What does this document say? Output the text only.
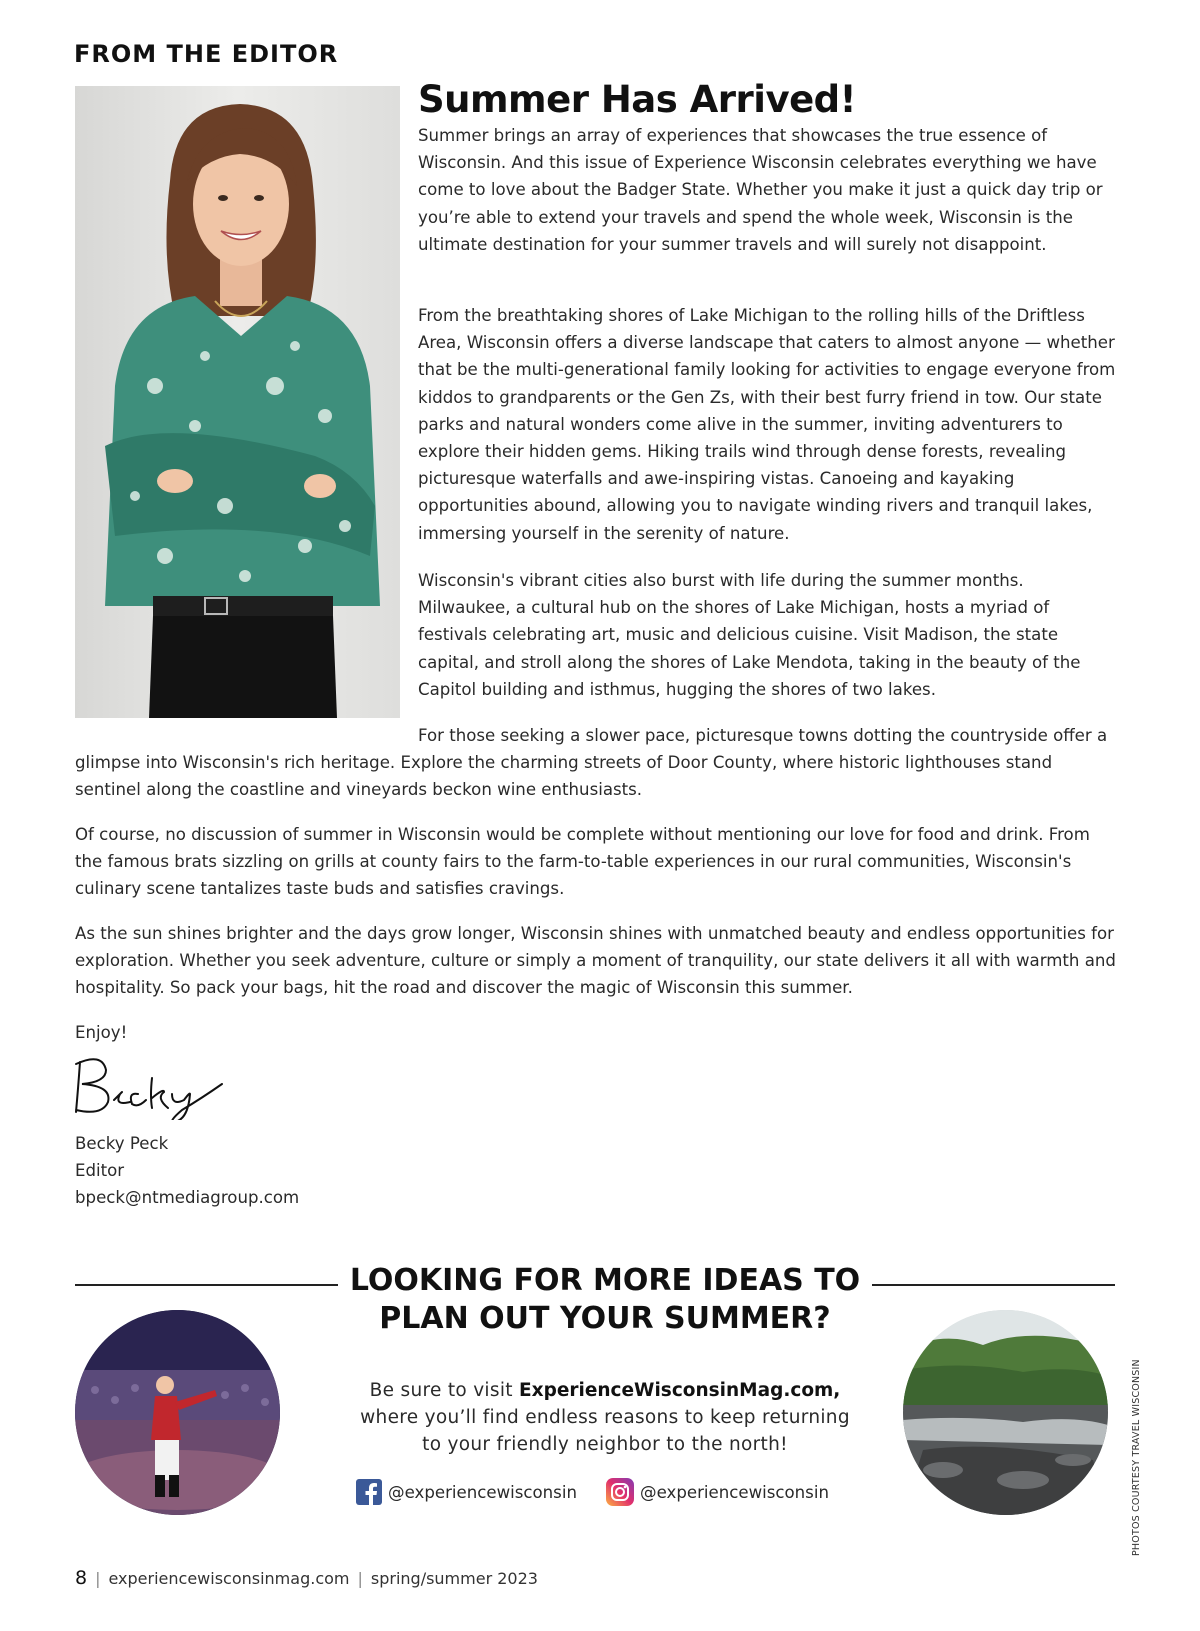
FROM THE EDITOR
Summer Has Arrived!

Summer brings an array of experiences that showcases the true essence of Wisconsin. And this issue of Experience Wisconsin celebrates everything we have come to love about the Badger State. Whether you make it just a quick day trip or you’re able to extend your travels and spend the whole week, Wisconsin is the ultimate destination for your summer travels and will surely not disappoint.

From the breathtaking shores of Lake Michigan to the rolling hills of the Driftless Area, Wisconsin offers a diverse landscape that caters to almost anyone — whether that be the multi-generational family looking for activities to engage everyone from kiddos to grandparents or the Gen Zs, with their best furry friend in tow. Our state parks and natural wonders come alive in the summer, inviting adventurers to explore their hidden gems. Hiking trails wind through dense forests, revealing picturesque waterfalls and awe-inspiring vistas. Canoeing and kayaking opportunities abound, allowing you to navigate winding rivers and tranquil lakes, immersing yourself in the serenity of nature.

Wisconsin's vibrant cities also burst with life during the summer months. Milwaukee, a cultural hub on the shores of Lake Michigan, hosts a myriad of festivals celebrating art, music and delicious cuisine. Visit Madison, the state capital, and stroll along the shores of Lake Mendota, taking in the beauty of the Capitol building and isthmus, hugging the shores of two lakes.

For those seeking a slower pace, picturesque towns dotting the countryside offer a glimpse into Wisconsin's rich heritage. Explore the charming streets of Door County, where historic lighthouses stand sentinel along the coastline and vineyards beckon wine enthusiasts.

Of course, no discussion of summer in Wisconsin would be complete without mentioning our love for food and drink. From the famous brats sizzling on grills at county fairs to the farm-to-table experiences in our rural communities, Wisconsin's culinary scene tantalizes taste buds and satisfies cravings.

As the sun shines brighter and the days grow longer, Wisconsin shines with unmatched beauty and endless opportunities for exploration. Whether you seek adventure, culture or simply a moment of tranquility, our state delivers it all with warmth and hospitality. So pack your bags, hit the road and discover the magic of Wisconsin this summer.

Enjoy!

Becky Peck
Editor
bpeck@ntmediagroup.com
LOOKING FOR MORE IDEAS TO
PLAN OUT YOUR SUMMER?

Be sure to visit ExperienceWisconsinMag.com,
where you’ll find endless reasons to keep returning
to your friendly neighbor to the north!

@experiencewisconsin	@experiencewisconsin	PHOTOS COURTESY TRAVEL WISCONSIN
8 | experiencewisconsinmag.com | spring/summer 2023
